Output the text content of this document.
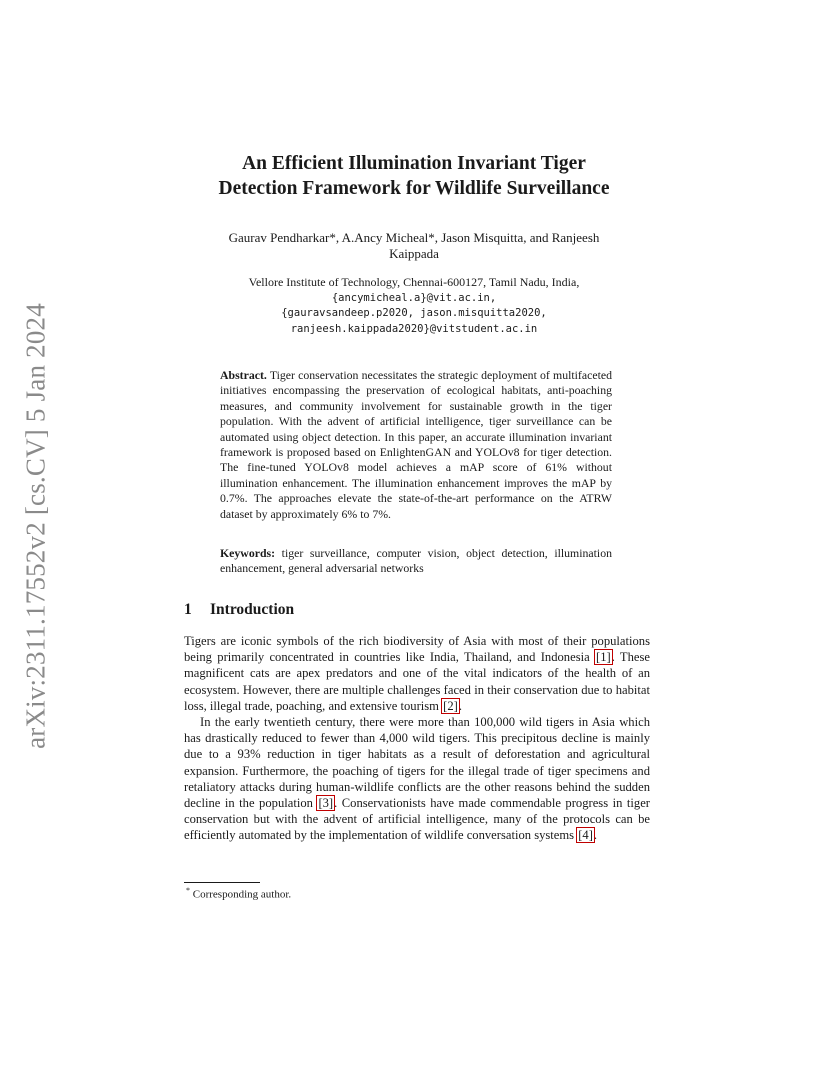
arXiv:2311.17552v2 [cs.CV] 5 Jan 2024
An Efficient Illumination Invariant Tiger
Detection Framework for Wildlife Surveillance
Gaurav Pendharkar*, A.Ancy Micheal*, Jason Misquitta, and Ranjeesh
Kaippada
Vellore Institute of Technology, Chennai-600127, Tamil Nadu, India,
{ancymicheal.a}@vit.ac.in,
{gauravsandeep.p2020, jason.misquitta2020,
ranjeesh.kaippada2020}@vitstudent.ac.in
Abstract. Tiger conservation necessitates the strategic deployment of multifaceted initiatives encompassing the preservation of ecological habitats, anti-poaching measures, and community involvement for sustainable growth in the tiger population. With the advent of artificial intelligence, tiger surveillance can be automated using object detection. In this paper, an accurate illumination invariant framework is proposed based on EnlightenGAN and YOLOv8 for tiger detection. The fine-tuned YOLOv8 model achieves a mAP score of 61% without illumination enhancement. The illumination enhancement improves the mAP by 0.7%. The approaches elevate the state-of-the-art performance on the ATRW dataset by approximately 6% to 7%.
Keywords: tiger surveillance, computer vision, object detection, illumination enhancement, general adversarial networks
1 Introduction

Tigers are iconic symbols of the rich biodiversity of Asia with most of their populations being primarily concentrated in countries like India, Thailand, and Indonesia [1]. These magnificent cats are apex predators and one of the vital indicators of the health of an ecosystem. However, there are multiple challenges faced in their conservation due to habitat loss, illegal trade, poaching, and extensive tourism [2].

In the early twentieth century, there were more than 100,000 wild tigers in Asia which has drastically reduced to fewer than 4,000 wild tigers. This precipitous decline is mainly due to a 93% reduction in tiger habitats as a result of deforestation and agricultural expansion. Furthermore, the poaching of tigers for the illegal trade of tiger specimens and retaliatory attacks during human-wildlife conflicts are the other reasons behind the sudden decline in the population [3]. Conservationists have made commendable progress in tiger conservation but with the advent of artificial intelligence, many of the protocols can be efficiently automated by the implementation of wildlife conversation systems [4].

* Corresponding author.
